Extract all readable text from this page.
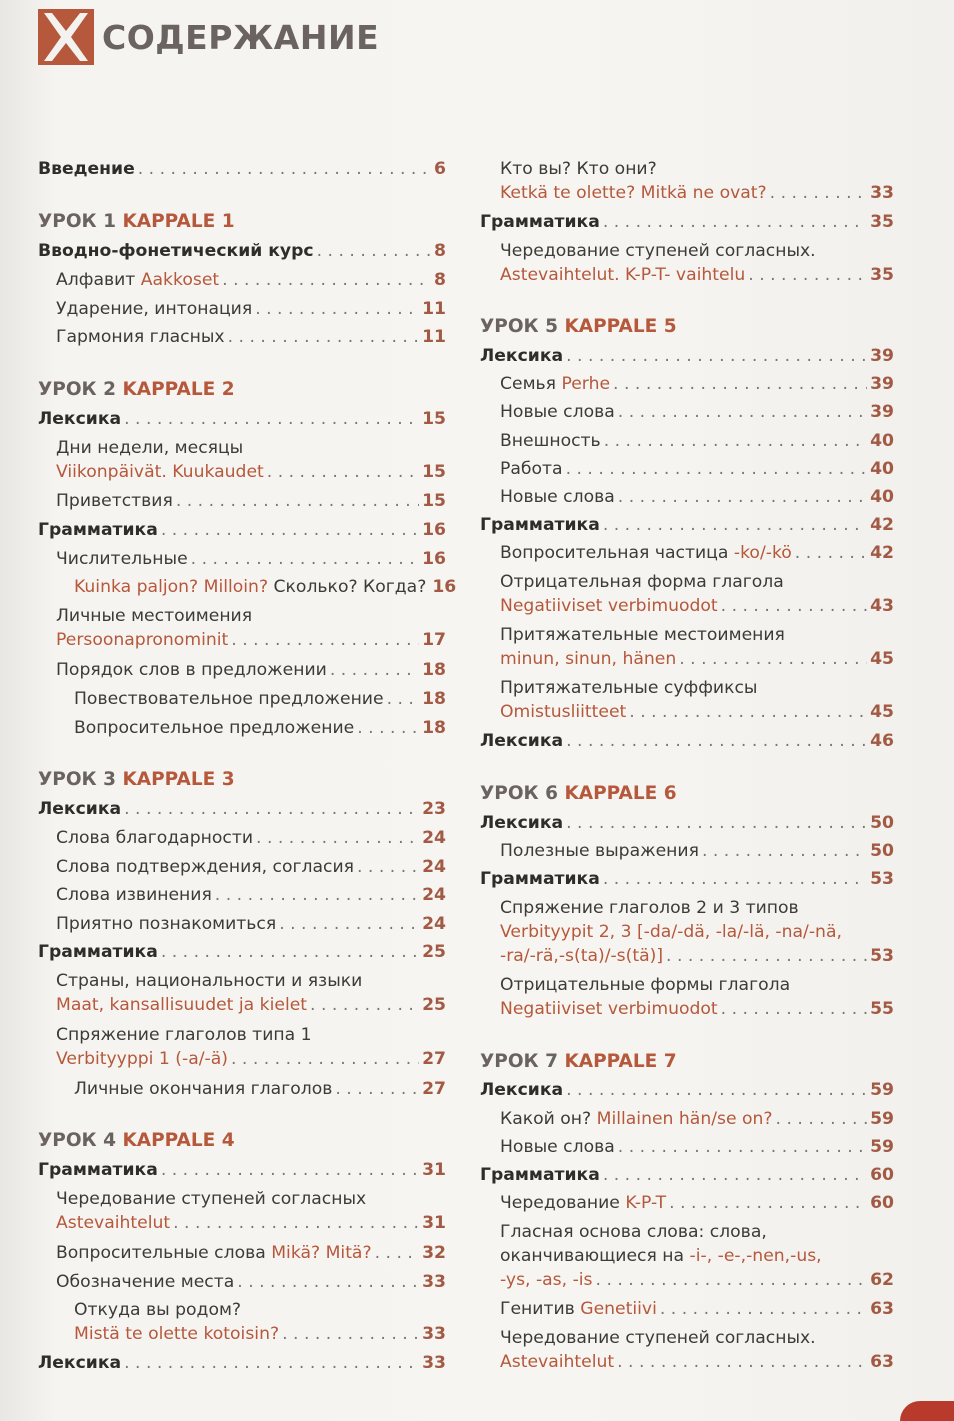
СОДЕРЖАНИЕ
Введение . . .	6
УРОК 1 KAPPALE 1
Вводно-фонетический курс . . .	8
Алфавит Aakkoset . . .	8
Ударение, интонация . . .	11
Гармония гласных . . .	11
УРОК 2 KAPPALE 2
Лексика . . .	15
Дни недели, месяцы
Viikonpäivät. Kuukaudet . . .	15
Приветствия . . .	15
Грамматика . . .	16
Числительные . . .	16
Kuinka paljon? Milloin? Сколько? Когда? 16
Личные местоимения
Persoonapronominit . . .	17
Порядок слов в предложении . . .	18
Повествовательное предложение . . . 18
Вопросительное предложение . . .	18
УРОК 3 KAPPALE 3
Лексика . . .	23
Слова благодарности . . .	24
Слова подтверждения, согласия . . .	24
Слова извинения . . .	24
Приятно познакомиться . . .	24
Грамматика . . .	25
Страны, национальности и языки
Maat, kansallisuudet ja kielet . . .	25
Спряжение глаголов типа 1
Verbityyppi 1 (-a/-ä) . . .	27
Личные окончания глаголов . . .	27
УРОК 4 KAPPALE 4
Грамматика . . .	31
Чередование ступеней согласных
Astevaihtelut . . .	31
Вопросительные слова Mikä? Mitä? . . .	32
Обозначение места . . .	33
Откуда вы родом?
Mistä te olette kotoisin? . . .	33
Лексика . . .	33
Кто вы? Кто они?
Ketkä te olette? Mitkä ne ovat? . . .	33
Грамматика . . .	35
Чередование ступеней согласных.
Astevaihtelut. K-P-T- vaihtelu . . .	35
УРОК 5 KAPPALE 5
Лексика . . .	39
Семья Perhe . . .	39
Новые слова . . .	39
Внешность . . .	40
Работа . . .	40
Новые слова . . .	40
Грамматика . . .	42
Вопросительная частица -ko/-kö . . .	42
Отрицательная форма глагола
Negatiiviset verbimuodot . . .	43
Притяжательные местоимения
minun, sinun, hänen . . .	45
Притяжательные суффиксы
Omistusliitteet . . .	45
Лексика . . .	46
УРОК 6 KAPPALE 6
Лексика . . .	50
Полезные выражения . . .	50
Грамматика . . .	53
Спряжение глаголов 2 и 3 типов
Verbityypit 2, 3 [-da/-dä, -la/-lä, -na/-nä,
-ra/-rä,-s(ta)/-s(tä)] . . .	53
Отрицательные формы глагола
Negatiiviset verbimuodot . . .	55
УРОК 7 KAPPALE 7
Лексика . . .	59
Какой он? Millainen hän/se on? . . .	59
Новые слова . . .	59
Грамматика . . .	60
Чередование K-P-T . . .	60
Гласная основа слова: слова,
оканчивающиеся на -i-, -e-,-nen,-us,
-ys, -as, -is . . .	62
Генитив Genetiivi . . .	63
Чередование ступеней согласных.
Astevaihtelut . . .	63
